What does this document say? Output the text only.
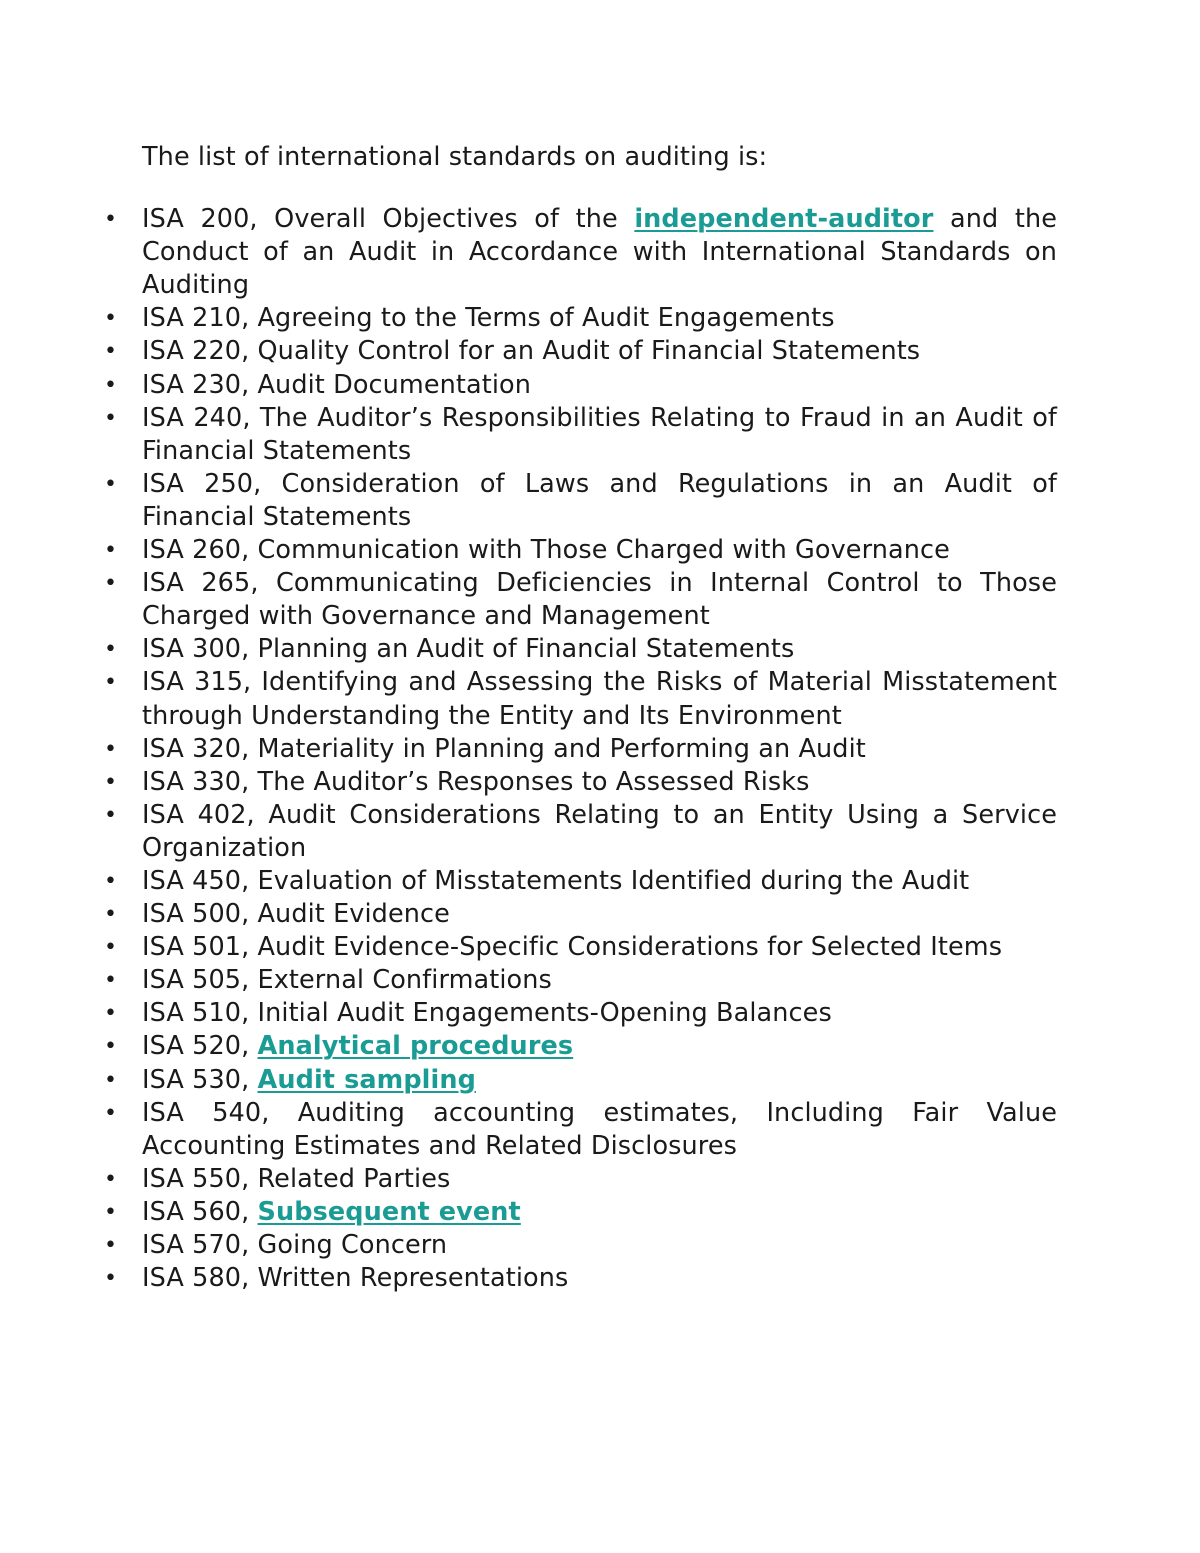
The list of international standards on auditing is:

• ISA 200, Overall Objectives of the independent-auditor and the Conduct of an Audit in Accordance with International Standards on Auditing
• ISA 210, Agreeing to the Terms of Audit Engagements
• ISA 220, Quality Control for an Audit of Financial Statements
• ISA 230, Audit Documentation
• ISA 240, The Auditor’s Responsibilities Relating to Fraud in an Audit of Financial Statements
• ISA 250, Consideration of Laws and Regulations in an Audit of Financial Statements
• ISA 260, Communication with Those Charged with Governance
• ISA 265, Communicating Deficiencies in Internal Control to Those Charged with Governance and Management
• ISA 300, Planning an Audit of Financial Statements
• ISA 315, Identifying and Assessing the Risks of Material Misstatement through Understanding the Entity and Its Environment
• ISA 320, Materiality in Planning and Performing an Audit
• ISA 330, The Auditor’s Responses to Assessed Risks
• ISA 402, Audit Considerations Relating to an Entity Using a Service Organization
• ISA 450, Evaluation of Misstatements Identified during the Audit
• ISA 500, Audit Evidence
• ISA 501, Audit Evidence-Specific Considerations for Selected Items
• ISA 505, External Confirmations
• ISA 510, Initial Audit Engagements-Opening Balances
• ISA 520, Analytical procedures
• ISA 530, Audit sampling
• ISA 540, Auditing accounting estimates, Including Fair Value Accounting Estimates and Related Disclosures
• ISA 550, Related Parties
• ISA 560, Subsequent event
• ISA 570, Going Concern
• ISA 580, Written Representations
